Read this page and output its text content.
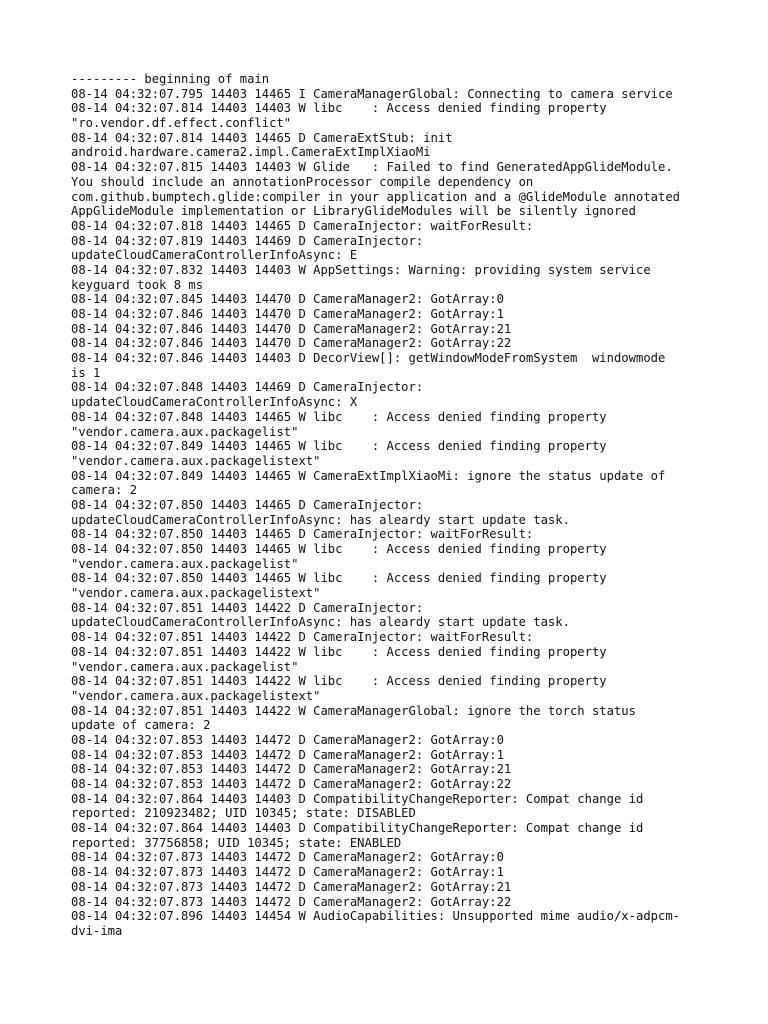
--------- beginning of main
08-14 04:32:07.795 14403 14465 I CameraManagerGlobal: Connecting to camera service
08-14 04:32:07.814 14403 14403 W libc    : Access denied finding property
"ro.vendor.df.effect.conflict"
08-14 04:32:07.814 14403 14465 D CameraExtStub: init
android.hardware.camera2.impl.CameraExtImplXiaoMi
08-14 04:32:07.815 14403 14403 W Glide   : Failed to find GeneratedAppGlideModule.
You should include an annotationProcessor compile dependency on
com.github.bumptech.glide:compiler in your application and a @GlideModule annotated
AppGlideModule implementation or LibraryGlideModules will be silently ignored
08-14 04:32:07.818 14403 14465 D CameraInjector: waitForResult:
08-14 04:32:07.819 14403 14469 D CameraInjector:
updateCloudCameraControllerInfoAsync: E
08-14 04:32:07.832 14403 14403 W AppSettings: Warning: providing system service
keyguard took 8 ms
08-14 04:32:07.845 14403 14470 D CameraManager2: GotArray:0
08-14 04:32:07.846 14403 14470 D CameraManager2: GotArray:1
08-14 04:32:07.846 14403 14470 D CameraManager2: GotArray:21
08-14 04:32:07.846 14403 14470 D CameraManager2: GotArray:22
08-14 04:32:07.846 14403 14403 D DecorView[]: getWindowModeFromSystem  windowmode
is 1
08-14 04:32:07.848 14403 14469 D CameraInjector:
updateCloudCameraControllerInfoAsync: X
08-14 04:32:07.848 14403 14465 W libc    : Access denied finding property
"vendor.camera.aux.packagelist"
08-14 04:32:07.849 14403 14465 W libc    : Access denied finding property
"vendor.camera.aux.packagelistext"
08-14 04:32:07.849 14403 14465 W CameraExtImplXiaoMi: ignore the status update of
camera: 2
08-14 04:32:07.850 14403 14465 D CameraInjector:
updateCloudCameraControllerInfoAsync: has aleardy start update task.
08-14 04:32:07.850 14403 14465 D CameraInjector: waitForResult:
08-14 04:32:07.850 14403 14465 W libc    : Access denied finding property
"vendor.camera.aux.packagelist"
08-14 04:32:07.850 14403 14465 W libc    : Access denied finding property
"vendor.camera.aux.packagelistext"
08-14 04:32:07.851 14403 14422 D CameraInjector:
updateCloudCameraControllerInfoAsync: has aleardy start update task.
08-14 04:32:07.851 14403 14422 D CameraInjector: waitForResult:
08-14 04:32:07.851 14403 14422 W libc    : Access denied finding property
"vendor.camera.aux.packagelist"
08-14 04:32:07.851 14403 14422 W libc    : Access denied finding property
"vendor.camera.aux.packagelistext"
08-14 04:32:07.851 14403 14422 W CameraManagerGlobal: ignore the torch status
update of camera: 2
08-14 04:32:07.853 14403 14472 D CameraManager2: GotArray:0
08-14 04:32:07.853 14403 14472 D CameraManager2: GotArray:1
08-14 04:32:07.853 14403 14472 D CameraManager2: GotArray:21
08-14 04:32:07.853 14403 14472 D CameraManager2: GotArray:22
08-14 04:32:07.864 14403 14403 D CompatibilityChangeReporter: Compat change id
reported: 210923482; UID 10345; state: DISABLED
08-14 04:32:07.864 14403 14403 D CompatibilityChangeReporter: Compat change id
reported: 37756858; UID 10345; state: ENABLED
08-14 04:32:07.873 14403 14472 D CameraManager2: GotArray:0
08-14 04:32:07.873 14403 14472 D CameraManager2: GotArray:1
08-14 04:32:07.873 14403 14472 D CameraManager2: GotArray:21
08-14 04:32:07.873 14403 14472 D CameraManager2: GotArray:22
08-14 04:32:07.896 14403 14454 W AudioCapabilities: Unsupported mime audio/x-adpcm-
dvi-ima
